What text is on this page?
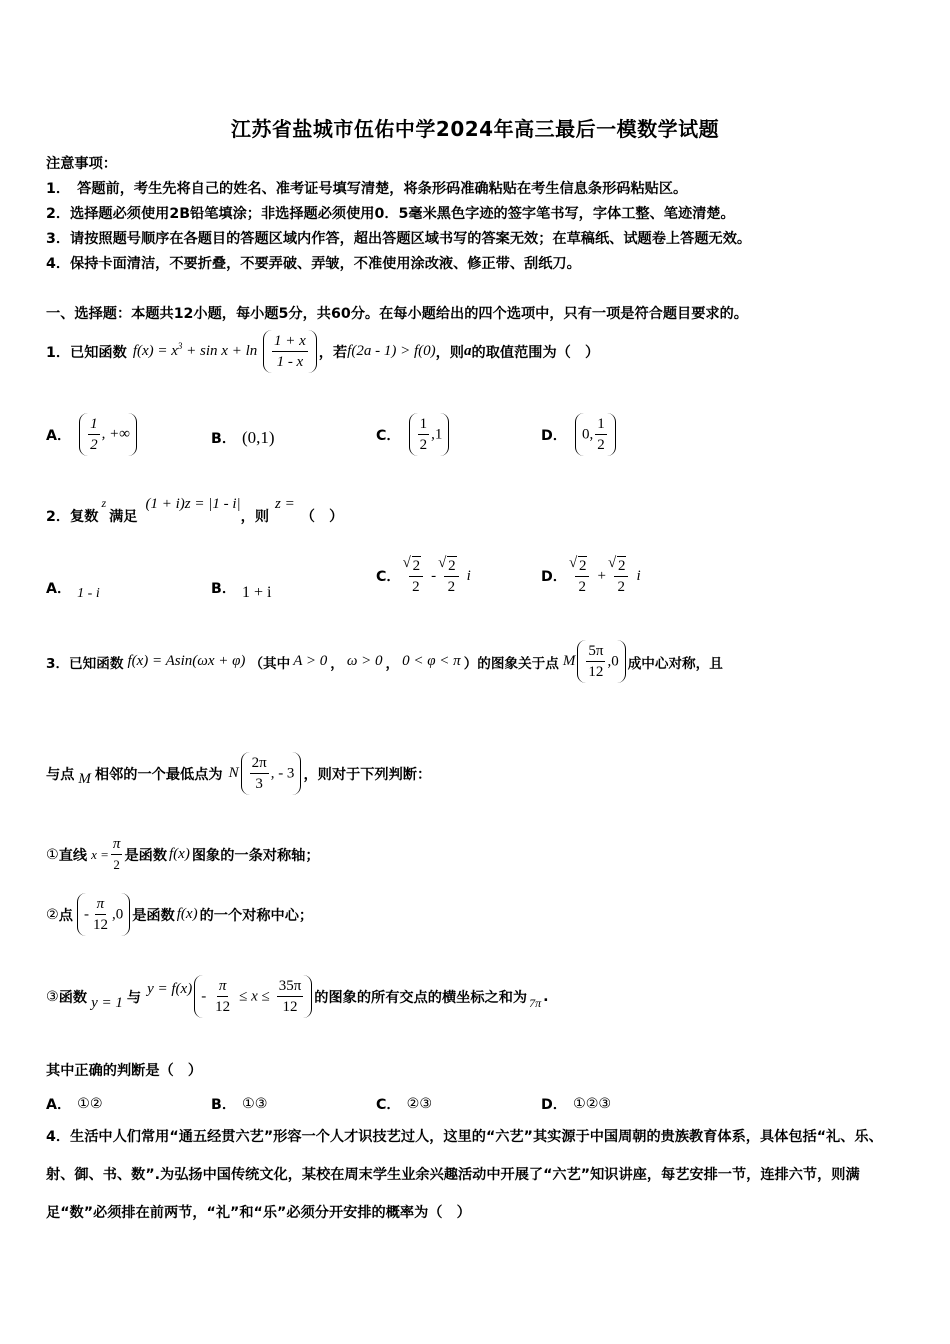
江苏省盐城市伍佑中学2024年高三最后一模数学试题
注意事项：
1．　答题前，考生先将自己的姓名、准考证号填写清楚，将条形码准确粘贴在考生信息条形码粘贴区。
2．选择题必须使用2B铅笔填涂；非选择题必须使用0．5毫米黑色字迹的签字笔书写，字体工整、笔迹清楚。
3．请按照题号顺序在各题目的答题区域内作答，超出答题区域书写的答案无效；在草稿纸、试题卷上答题无效。
4．保持卡面清洁，不要折叠，不要弄破、弄皱，不准使用涂改液、修正带、刮纸刀。
一、选择题：本题共12小题，每小题5分，共60分。在每小题给出的四个选项中，只有一项是符合题目要求的。
1．已知函数 $f(x) = x^3 + \sin x + \ln \frac{1 + x}{1 - x}$ ，若 f(2a - 1) > f(0) ，则 a 的取值范围为（　）
A． $\frac{1}{2}$ , +∞	B． (0,1)	C． $\frac{1}{2} ,1$	D．	0, $\frac{1}{2}$
2．复数
z
满足
(1 + i)z = |1 - i|
，则
z =
（　）
A． 1 - i	B． 1 + i
C． √ $\frac{2}{2}$ - √ $\frac{2}{2}$ i	D． √ $\frac{2}{2}$ + √ $\frac{2}{2}$ i
3．已知函数 f(x) = Asin(ωx + φ) （其中 A > 0 ， ω > 0 ， 0 < φ < π ）的图象关于点 M $\frac{5\pi}{12} ,0$ 成中心对称，且
与点 M 相邻的一个最低点为 N $\frac{2\pi}{3}$ , - 3 ，则对于下列判断：
① 直线 $x = \frac{\pi}{2}$ 是函数 f(x) 图象的一条对称轴；
② 点 - $\frac{\pi}{12} ,0$ 是函数 f(x) 的一个对称中心；
③ 函数 y = 1 与
$y = f(x) - \frac{\pi}{12} \le x \le \frac{35\pi}{12}$ 的图象的所有交点的横坐标之和为 7π .
其中正确的判断是（　）
A． ①②	B． ①③	C． ②③	D． ①②③
4．生活中人们常用“通五经贯六艺”形容一个人才识技艺过人，这里的“六艺”其实源于中国周朝的贵族教育体系，具体包括“礼、乐、射、御、书、数”.为弘扬中国传统文化，某校在周末学生业余兴趣活动中开展了“六艺”知识讲座，每艺安排一节，连排六节，则满足“数”必须排在前两节，“礼”和“乐”必须分开安排的概率为（　）
